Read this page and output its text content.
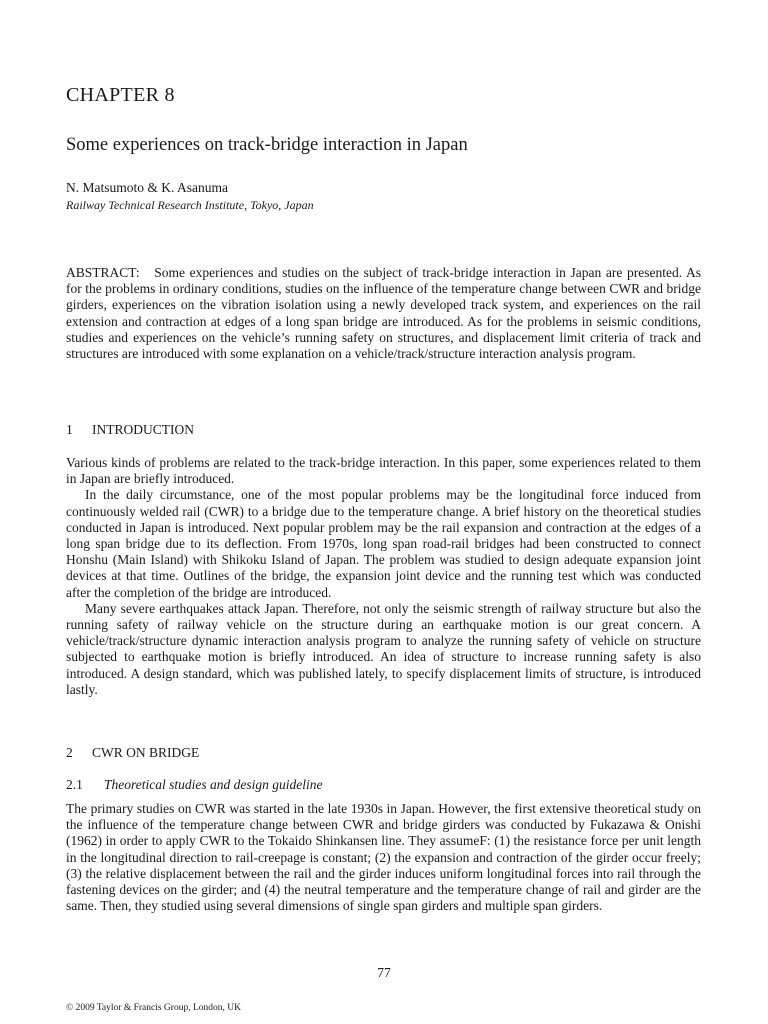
CHAPTER 8
Some experiences on track-bridge interaction in Japan
N. Matsumoto & K. Asanuma
Railway Technical Research Institute, Tokyo, Japan
ABSTRACT: Some experiences and studies on the subject of track-bridge interaction in Japan are presented. As for the problems in ordinary conditions, studies on the influence of the temperature change between CWR and bridge girders, experiences on the vibration isolation using a newly developed track system, and experiences on the rail extension and contraction at edges of a long span bridge are introduced. As for the problems in seismic conditions, studies and experiences on the vehicle’s running safety on structures, and displacement limit criteria of track and structures are introduced with some explanation on a vehicle/track/structure interaction analysis program.
1 INTRODUCTION

Various kinds of problems are related to the track-bridge interaction. In this paper, some experiences related to them in Japan are briefly introduced.

In the daily circumstance, one of the most popular problems may be the longitudinal force induced from continuously welded rail (CWR) to a bridge due to the temperature change. A brief history on the theoretical studies conducted in Japan is introduced. Next popular problem may be the rail expansion and contraction at the edges of a long span bridge due to its deflection. From 1970s, long span road-rail bridges had been constructed to connect Honshu (Main Island) with Shikoku Island of Japan. The problem was studied to design adequate expansion joint devices at that time. Outlines of the bridge, the expansion joint device and the running test which was conducted after the completion of the bridge are introduced.

Many severe earthquakes attack Japan. Therefore, not only the seismic strength of railway structure but also the running safety of railway vehicle on the structure during an earthquake motion is our great concern. A vehicle/track/structure dynamic interaction analysis program to analyze the running safety of vehicle on structure subjected to earthquake motion is briefly introduced. An idea of structure to increase running safety is also introduced. A design standard, which was published lately, to specify displacement limits of structure, is introduced lastly.

2 CWR ON BRIDGE
2.1 Theoretical studies and design guideline

The primary studies on CWR was started in the late 1930s in Japan. However, the first extensive theoretical study on the influence of the temperature change between CWR and bridge girders was conducted by Fukazawa & Onishi (1962) in order to apply CWR to the Tokaido Shinkansen line. They assumeF: (1) the resistance force per unit length in the longitudinal direction to rail-creepage is constant; (2) the expansion and contraction of the girder occur freely; (3) the relative displacement between the rail and the girder induces uniform longitudinal forces into rail through the fastening devices on the girder; and (4) the neutral temperature and the temperature change of rail and girder are the same. Then, they studied using several dimensions of single span girders and multiple span girders.

77
© 2009 Taylor & Francis Group, London, UK
